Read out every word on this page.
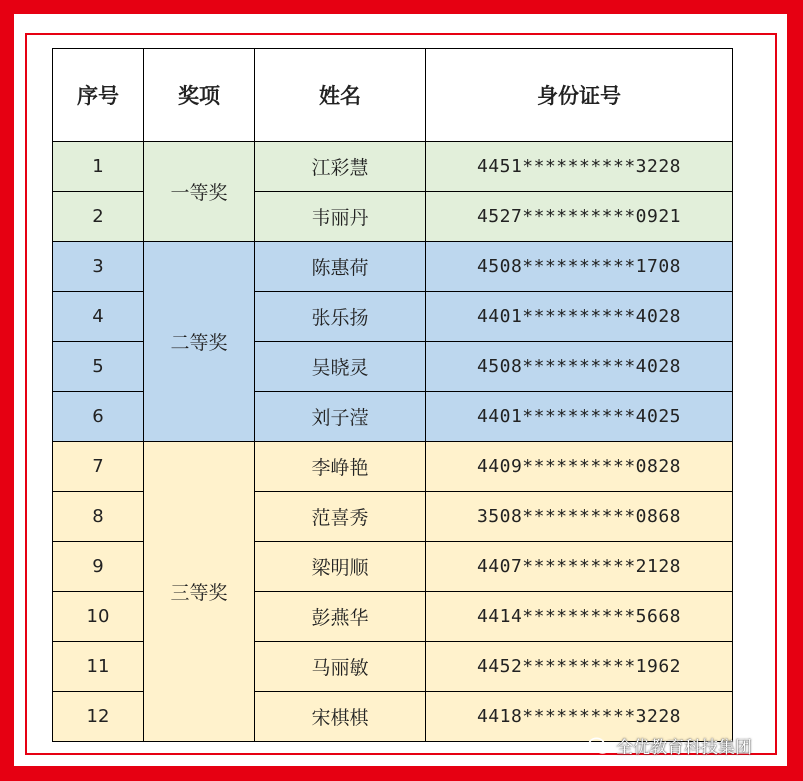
序号	奖项	姓名	身份证号
1	一等奖	江彩慧	4451**********3228
2		韦丽丹	4527**********0921
3	二等奖	陈惠荷	4508**********1708
4		张乐扬	4401**********4028
5		吴晓灵	4508**********4028
6		刘子滢	4401**********4025
7	三等奖	李峥艳	4409**********0828
8		范喜秀	3508**********0868
9		梁明顺	4407**********2128
10		彭燕华	4414**********5668
11		马丽敏	4452**********1962
12		宋棋棋	4418**********3228
全优教育科技集团
